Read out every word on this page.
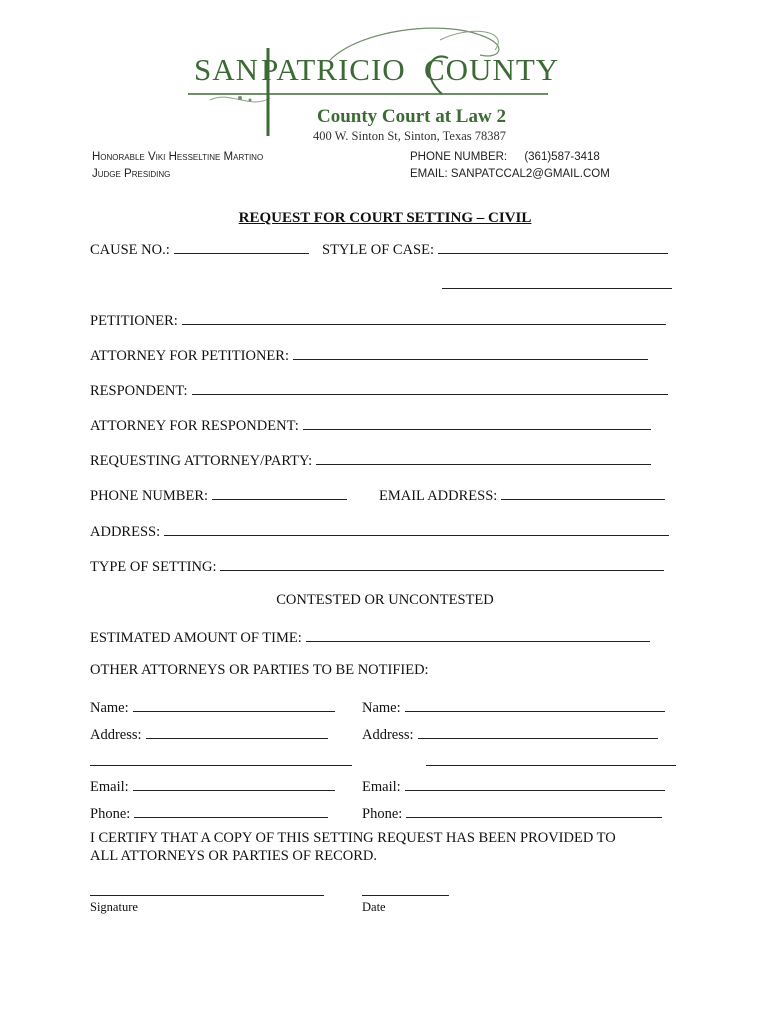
SAN PATRICIO COUNTY
County Court at Law 2
400 W. Sinton St, Sinton, Texas 78387
Honorable Viki Hesseltine Martino
Judge Presiding
PHONE NUMBER: (361)587-3418
EMAIL: SANPATCCAL2@GMAIL.COM
REQUEST FOR COURT SETTING – CIVIL
CAUSE NO.:	STYLE OF CASE:
PETITIONER:
ATTORNEY FOR PETITIONER:
RESPONDENT:
ATTORNEY FOR RESPONDENT:
REQUESTING ATTORNEY/PARTY:
PHONE NUMBER:	EMAIL ADDRESS:
ADDRESS:
TYPE OF SETTING:
CONTESTED OR UNCONTESTED
ESTIMATED AMOUNT OF TIME:
OTHER ATTORNEYS OR PARTIES TO BE NOTIFIED:
Name:	Name:
Address:	Address:
Email:	Email:
Phone:	Phone:
I CERTIFY THAT A COPY OF THIS SETTING REQUEST HAS BEEN PROVIDED TO
ALL ATTORNEYS OR PARTIES OF RECORD.
Signature	Date
